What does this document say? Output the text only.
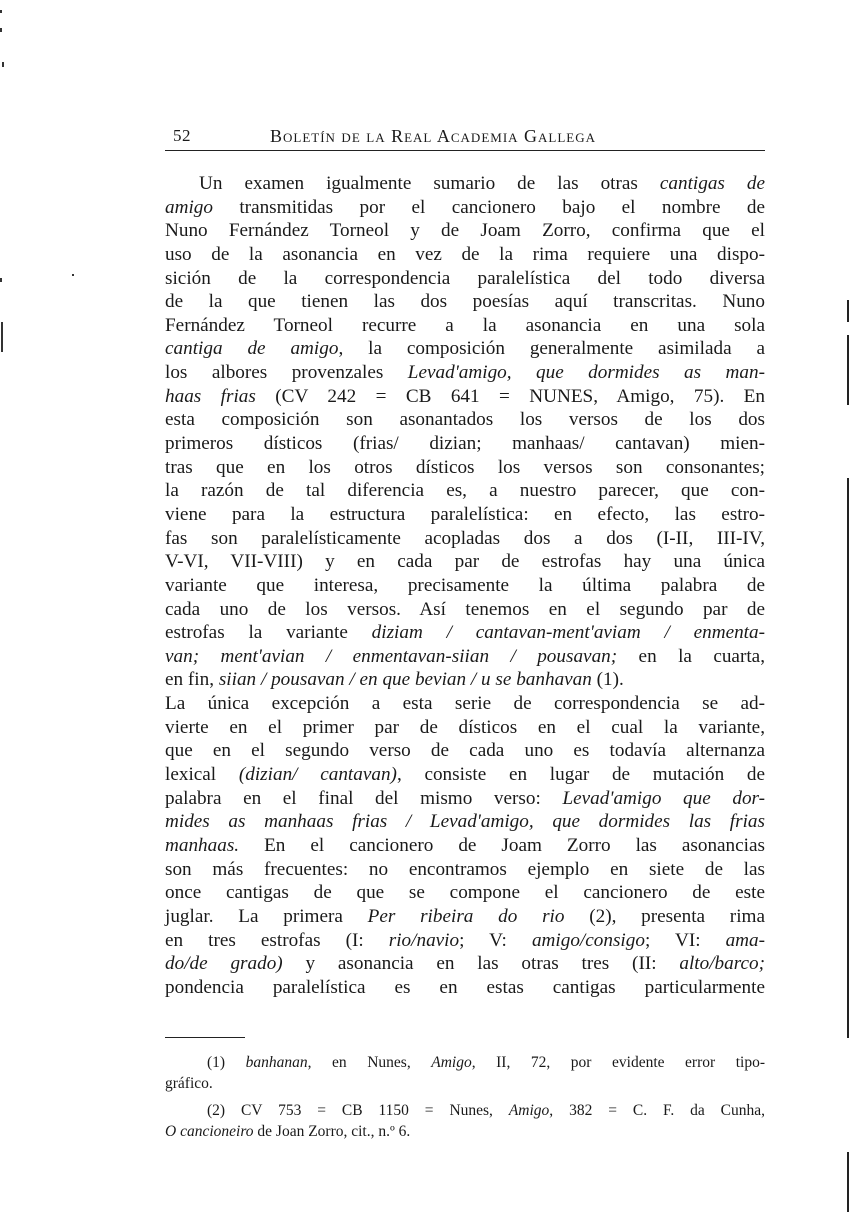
52	Boletín de la Real Academia Gallega
Un examen igualmente sumario de las otras cantigas de
amigo transmitidas por el cancionero bajo el nombre de
Nuno Fernández Torneol y de Joam Zorro, confirma que el
uso de la asonancia en vez de la rima requiere una dispo-
sición de la correspondencia paralelística del todo diversa
de la que tienen las dos poesías aquí transcritas. Nuno
Fernández Torneol recurre a la asonancia en una sola
cantiga de amigo, la composición generalmente asimilada a
los albores provenzales Levad'amigo, que dormides as man-
haas frias (CV 242 = CB 641 = NUNES, Amigo, 75). En
esta composición son asonantados los versos de los dos
primeros dísticos (frias/ dizian; manhaas/ cantavan) mien-
tras que en los otros dísticos los versos son consonantes;
la razón de tal diferencia es, a nuestro parecer, que con-
viene para la estructura paralelística: en efecto, las estro-
fas son paralelísticamente acopladas dos a dos (I-II, III-IV,
V-VI, VII-VIII) y en cada par de estrofas hay una única
variante que interesa, precisamente la última palabra de
cada uno de los versos. Así tenemos en el segundo par de
estrofas la variante diziam / cantavan-ment'aviam / enmenta-
van; ment'avian / enmentavan-siian / pousavan; en la cuarta,
en fin, siian / pousavan / en que bevian / u se banhavan (1).
La única excepción a esta serie de correspondencia se ad-
vierte en el primer par de dísticos en el cual la variante,
que en el segundo verso de cada uno es todavía alternanza
lexical (dizian/ cantavan), consiste en lugar de mutación de
palabra en el final del mismo verso: Levad'amigo que dor-
mides as manhaas frias / Levad'amigo, que dormides las frias
manhaas. En el cancionero de Joam Zorro las asonancias
son más frecuentes: no encontramos ejemplo en siete de las
once cantigas de que se compone el cancionero de este
juglar. La primera Per ribeira do rio (2), presenta rima
en tres estrofas (I: rio/navio; V: amigo/consigo; VI: ama-
do/de grado) y asonancia en las otras tres (II: alto/barco;
pondencia paralelística es en estas cantigas particularmente
(1) banhanan, en Nunes, Amigo, II, 72, por evidente error tipo-
gráfico.
(2) CV 753 = CB 1150 = Nunes, Amigo, 382 = C. F. da Cunha,
O cancioneiro de Joan Zorro, cit., n.º 6.
